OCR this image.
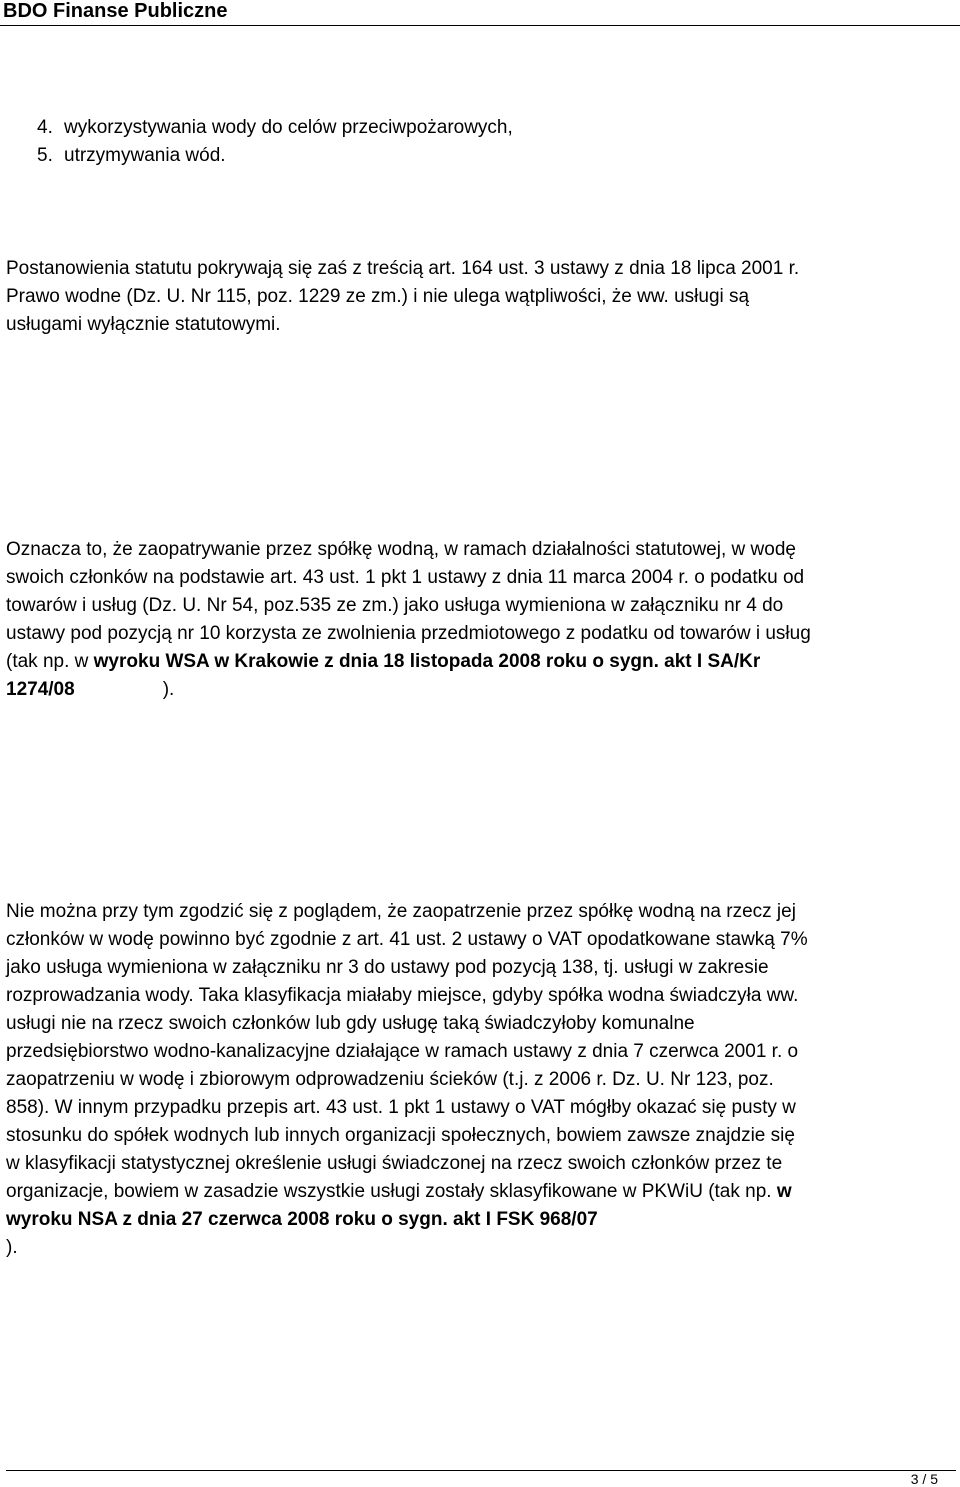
BDO Finanse Publiczne
4. wykorzystywania wody do celów przeciwpożarowych,
5. utrzymywania wód.
Postanowienia statutu pokrywają się zaś z treścią art. 164 ust. 3 ustawy z dnia 18 lipca 2001 r.
Prawo wodne (Dz. U. Nr 115, poz. 1229 ze zm.) i nie ulega wątpliwości, że ww. usługi są
usługami wyłącznie statutowymi.
Oznacza to, że zaopatrywanie przez spółkę wodną, w ramach działalności statutowej, w wodę
swoich członków na podstawie art. 43 ust. 1 pkt 1 ustawy z dnia 11 marca 2004 r. o podatku od
towarów i usług (Dz. U. Nr 54, poz.535 ze zm.) jako usługa wymieniona w załączniku nr 4 do
ustawy pod pozycją nr 10 korzysta ze zwolnienia przedmiotowego z podatku od towarów i usług
(tak np. w wyroku WSA w Krakowie z dnia 18 listopada 2008 roku o sygn. akt I SA/Kr
1274/08	).
Nie można przy tym zgodzić się z poglądem, że zaopatrzenie przez spółkę wodną na rzecz jej
członków w wodę powinno być zgodnie z art. 41 ust. 2 ustawy o VAT opodatkowane stawką 7%
jako usługa wymieniona w załączniku nr 3 do ustawy pod pozycją 138, tj. usługi w zakresie
rozprowadzania wody. Taka klasyfikacja miałaby miejsce, gdyby spółka wodna świadczyła ww.
usługi nie na rzecz swoich członków lub gdy usługę taką świadczyłoby komunalne
przedsiębiorstwo wodno-kanalizacyjne działające w ramach ustawy z dnia 7 czerwca 2001 r. o
zaopatrzeniu w wodę i zbiorowym odprowadzeniu ścieków (t.j. z 2006 r. Dz. U. Nr 123, poz.
858). W innym przypadku przepis art. 43 ust. 1 pkt 1 ustawy o VAT mógłby okazać się pusty w
stosunku do spółek wodnych lub innych organizacji społecznych, bowiem zawsze znajdzie się
w klasyfikacji statystycznej określenie usługi świadczonej na rzecz swoich członków przez te
organizacje, bowiem w zasadzie wszystkie usługi zostały sklasyfikowane w PKWiU (tak np. w
wyroku NSA z dnia 27 czerwca 2008 roku o sygn. akt I FSK 968/07
).
3 / 5
